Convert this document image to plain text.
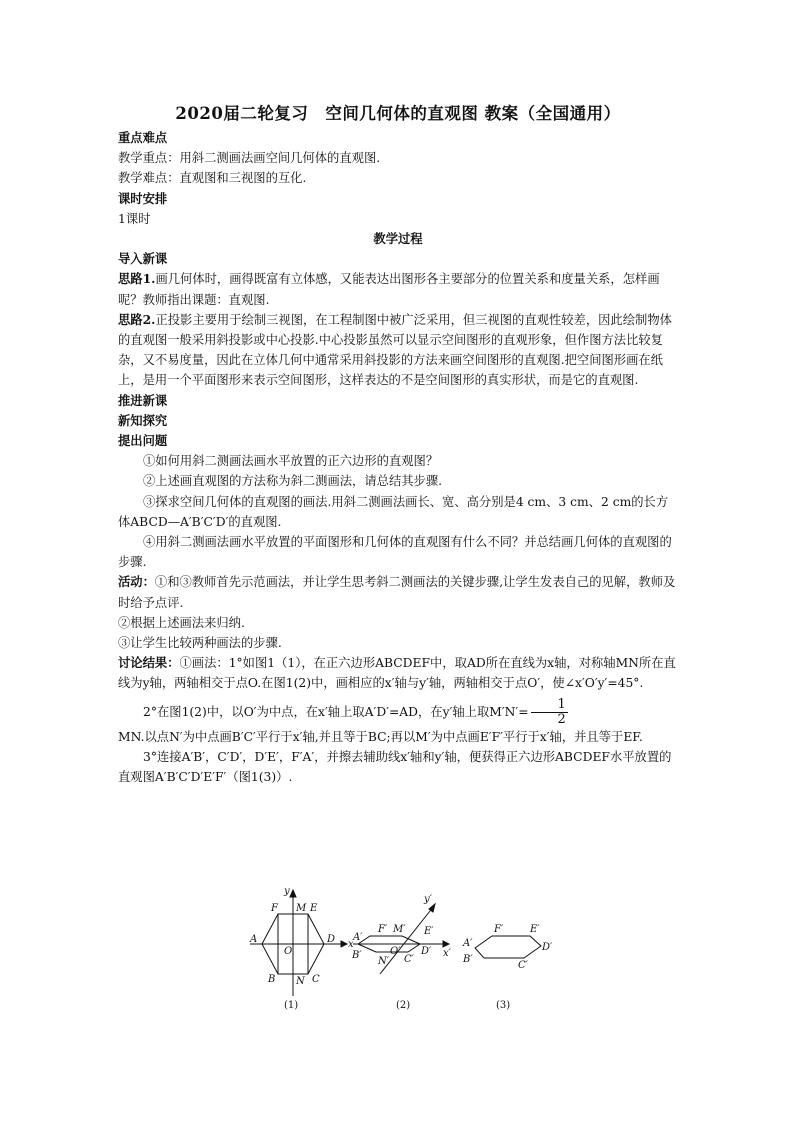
2020届二轮复习　空间几何体的直观图 教案（全国通用）

重点难点

教学重点：用斜二测画法画空间几何体的直观图.

教学难点：直观图和三视图的互化.

课时安排

1课时

教学过程

导入新课

思路1.画几何体时，画得既富有立体感，又能表达出图形各主要部分的位置关系和度量关系，怎样画呢？教师指出课题：直观图.

思路2.正投影主要用于绘制三视图，在工程制图中被广泛采用，但三视图的直观性较差，因此绘制物体的直观图一般采用斜投影或中心投影.中心投影虽然可以显示空间图形的直观形象，但作图方法比较复杂，又不易度量，因此在立体几何中通常采用斜投影的方法来画空间图形的直观图.把空间图形画在纸上，是用一个平面图形来表示空间图形，这样表达的不是空间图形的真实形状，而是它的直观图.

推进新课

新知探究

提出问题

①如何用斜二测画法画水平放置的正六边形的直观图？

②上述画直观图的方法称为斜二测画法，请总结其步骤.

③探求空间几何体的直观图的画法.用斜二测画法画长、宽、高分别是4 cm、3 cm、2 cm的长方体ABCD—A′B′C′D′的直观图.

④用斜二测画法画水平放置的平面图形和几何体的直观图有什么不同？并总结画几何体的直观图的步骤.

活动：①和③教师首先示范画法，并让学生思考斜二测画法的关键步骤,让学生发表自己的见解，教师及时给予点评.

②根据上述画法来归纳.

③让学生比较两种画法的步骤.

讨论结果：①画法：1°如图1（1），在正六边形ABCDEF中，取AD所在直线为x轴，对称轴MN所在直线为y轴，两轴相交于点O.在图1(2)中，画相应的x′轴与y′轴，两轴相交于点O′，使∠x′O′y′=45°.

2°在图1(2)中，以O′为中点，在x′轴上取A′D′=AD，在y′轴上取$M'N'= \frac{1}{2}$

MN.以点N′为中点画B′C′平行于x′轴,并且等于BC;再以M′为中点画E′F′平行于x′轴，并且等于EF.

3°连接A′B′，C′D′，D′E′，F′A′，并擦去辅助线x′轴和y′轴，便获得正六边形ABCDEF水平放置的直观图A′B′C′D′E′F′（图1(3)）.

A
B	C
D
E
F M
N
O
x
y
(1)
A′
B′	C′
D′
E′
F′ M′
N′
O′	x′
y′
(2)
A′
B′
C′
D′
E′
F′
(3)
